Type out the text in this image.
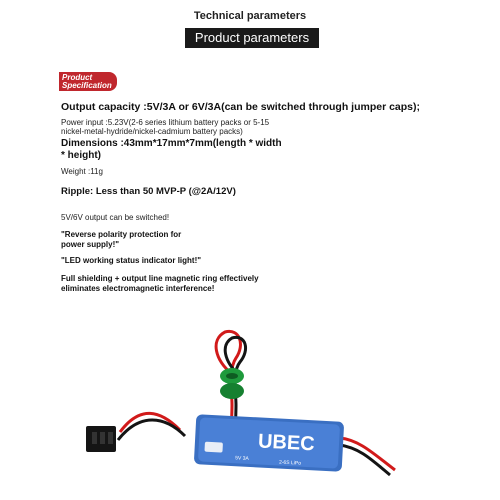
Technical parameters
Product parameters
Product
Specification
Output capacity :5V/3A or 6V/3A(can be switched through jumper caps);
Power input :5.23V(2-6 series lithium battery packs or 5-15
nickel-metal-hydride/nickel-cadmium battery packs)
Dimensions :43mm*17mm*7mm(length * width
* height)
Weight :11g
Ripple: Less than 50 MVP-P (@2A/12V)
5V/6V output can be switched!
"Reverse polarity protection for
power supply!"
"LED working status indicator light!"
Full shielding + output line magnetic ring effectively
eliminates electromagnetic interference!
UBEC
5V 3A
2-6S LiPo
